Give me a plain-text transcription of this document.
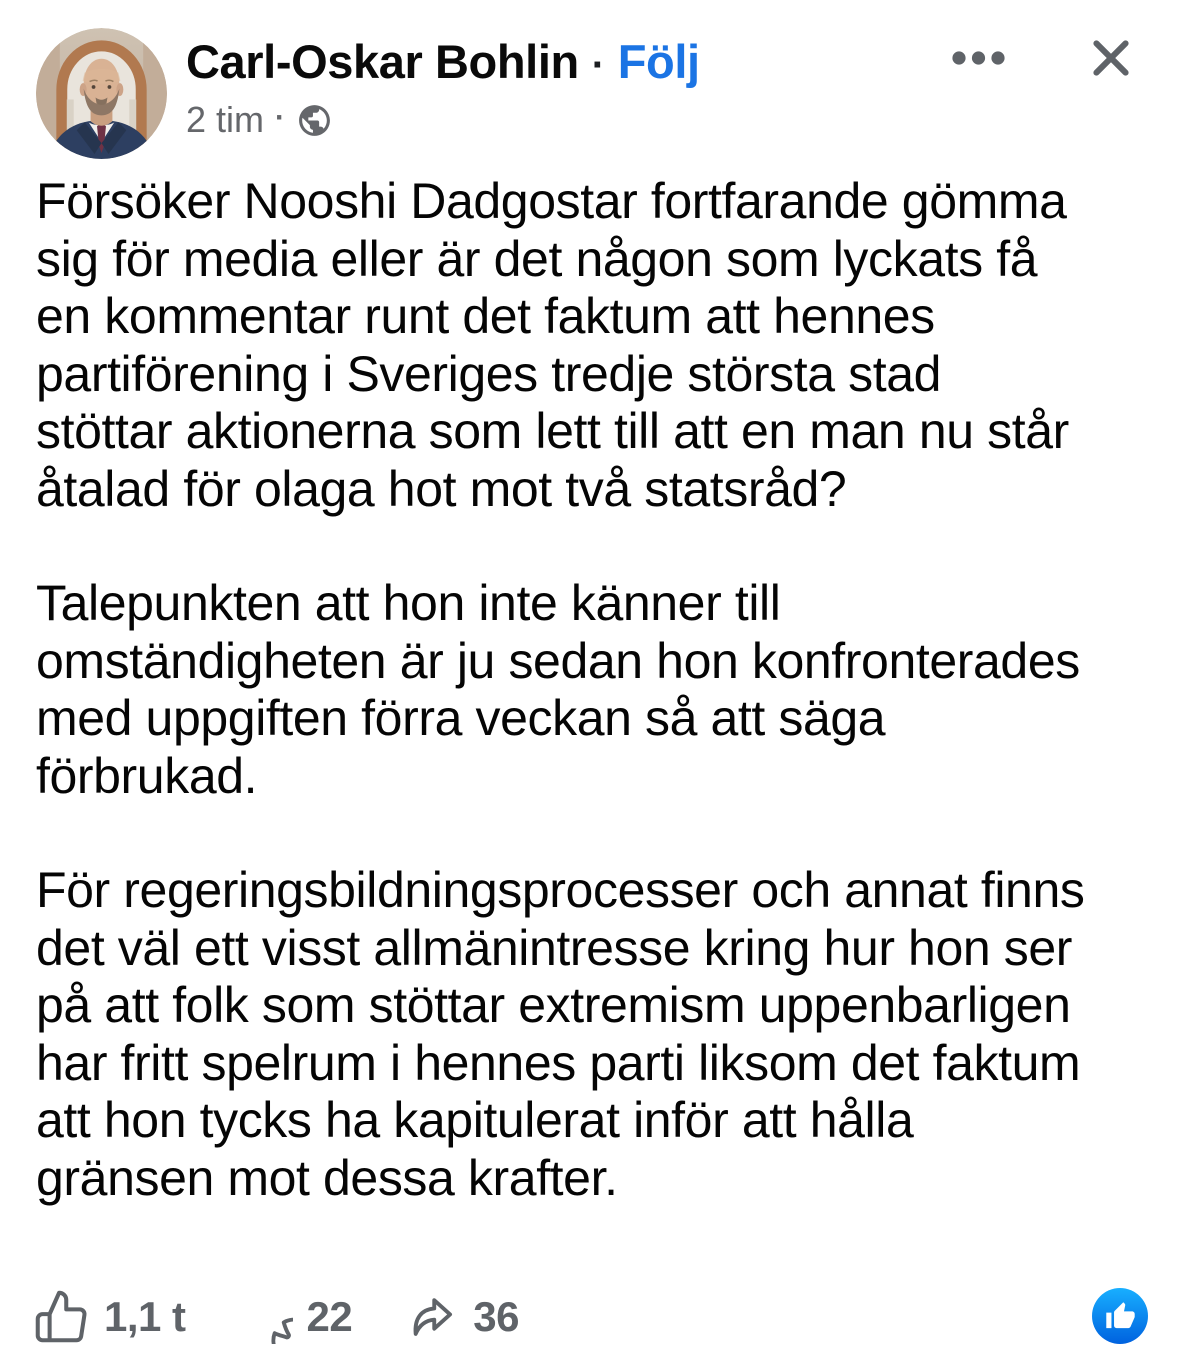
Carl-Oskar Bohlin · Följ
2 tim ·

Försöker Nooshi Dadgostar fortfarande gömma
sig för media eller är det någon som lyckats få
en kommentar runt det faktum att hennes
partiförening i Sveriges tredje största stad
stöttar aktionerna som lett till att en man nu står
åtalad för olaga hot mot två statsråd?

Talepunkten att hon inte känner till
omständigheten är ju sedan hon konfronterades
med uppgiften förra veckan så att säga
förbrukad.

För regeringsbildningsprocesser och annat finns
det väl ett visst allmänintresse kring hur hon ser
på att folk som stöttar extremism uppenbarligen
har fritt spelrum i hennes parti liksom det faktum
att hon tycks ha kapitulerat inför att hålla
gränsen mot dessa krafter.

1,1 t	22	36
